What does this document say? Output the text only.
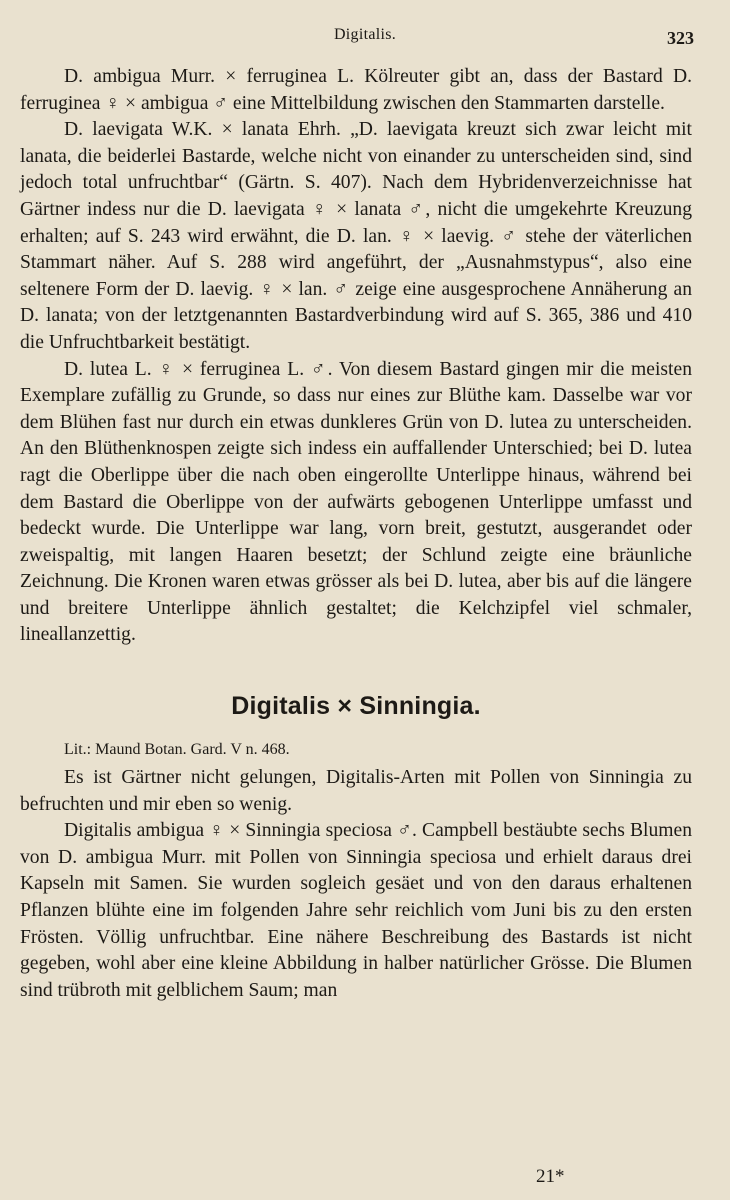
Digitalis.	323

D. ambigua Murr. × ferruginea L. Kölreuter gibt an, dass der Bastard D. ferruginea ♀ × ambigua ♂ eine Mittelbildung zwischen den Stammarten darstelle.

D. laevigata W.K. × lanata Ehrh. „D. laevigata kreuzt sich zwar leicht mit lanata, die beiderlei Bastarde, welche nicht von einander zu unterscheiden sind, sind jedoch total unfruchtbar“ (Gärtn. S. 407). Nach dem Hybridenverzeichnisse hat Gärtner indess nur die D. laevigata ♀ × lanata ♂, nicht die umgekehrte Kreuzung erhalten; auf S. 243 wird erwähnt, die D. lan. ♀ × laevig. ♂ stehe der väterlichen Stammart näher. Auf S. 288 wird angeführt, der „Ausnahmstypus“, also eine seltenere Form der D. laevig. ♀ × lan. ♂ zeige eine ausgesprochene Annäherung an D. lanata; von der letztgenannten Bastardverbindung wird auf S. 365, 386 und 410 die Unfruchtbarkeit bestätigt.

D. lutea L. ♀ × ferruginea L. ♂. Von diesem Bastard gingen mir die meisten Exemplare zufällig zu Grunde, so dass nur eines zur Blüthe kam. Dasselbe war vor dem Blühen fast nur durch ein etwas dunkleres Grün von D. lutea zu unterscheiden. An den Blüthenknospen zeigte sich indess ein auffallender Unterschied; bei D. lutea ragt die Oberlippe über die nach oben eingerollte Unterlippe hinaus, während bei dem Bastard die Oberlippe von der aufwärts gebogenen Unterlippe umfasst und bedeckt wurde. Die Unterlippe war lang, vorn breit, gestutzt, ausgerandet oder zweispaltig, mit langen Haaren besetzt; der Schlund zeigte eine bräunliche Zeichnung. Die Kronen waren etwas grösser als bei D. lutea, aber bis auf die längere und breitere Unterlippe ähnlich gestaltet; die Kelchzipfel viel schmaler, lineallanzettig.

Digitalis × Sinningia.

Lit.: Maund Botan. Gard. V n. 468.

Es ist Gärtner nicht gelungen, Digitalis-Arten mit Pollen von Sinningia zu befruchten und mir eben so wenig.

Digitalis ambigua ♀ × Sinningia speciosa ♂. Campbell bestäubte sechs Blumen von D. ambigua Murr. mit Pollen von Sinningia speciosa und erhielt daraus drei Kapseln mit Samen. Sie wurden sogleich gesäet und von den daraus erhaltenen Pflanzen blühte eine im folgenden Jahre sehr reichlich vom Juni bis zu den ersten Frösten. Völlig unfruchtbar. Eine nähere Beschreibung des Bastards ist nicht gegeben, wohl aber eine kleine Abbildung in halber natürlicher Grösse. Die Blumen sind trübroth mit gelblichem Saum; man

21*
